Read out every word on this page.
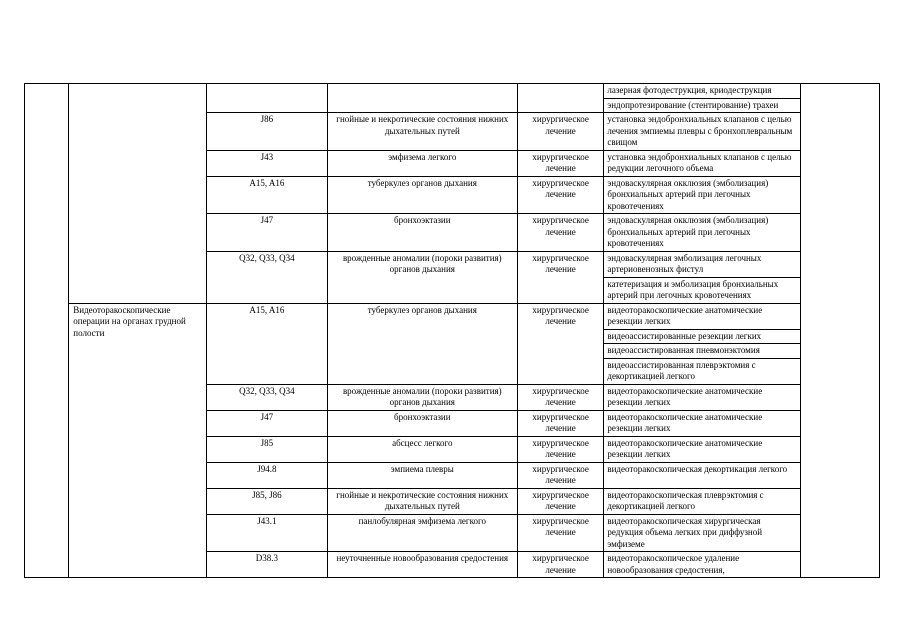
					лазерная фотодеструкция, криодеструкция
эндопротезирование (стентирование) трахеи	

		J86	гнойные и некротические состояния нижних дыхательных путей	хирургическое лечение	установка эндобронхиальных клапанов с целью лечения эмпиемы плевры с бронхоплевральным свищом	

		J43	эмфизема легкого	хирургическое лечение	установка эндобронхиальных клапанов с целью редукции легочного объема	

		A15, A16	туберкулез органов дыхания	хирургическое лечение	эндоваскулярная окклюзия (эмболизация) бронхиальных артерий при легочных кровотечениях	

		J47	бронхоэктазии	хирургическое лечение	эндоваскулярная окклюзия (эмболизация) бронхиальных артерий при легочных кровотечениях	

		Q32, Q33, Q34	врожденные аномалии (пороки развития) органов дыхания	хирургическое лечение	эндоваскулярная эмболизация легочных артериовенозных фистул
катетеризация и эмболизация бронхиальных артерий при легочных кровотечениях	

	Видеоторакоскопические операции на органах грудной полости	A15, A16	туберкулез органов дыхания	хирургическое лечение	видеоторакоскопические анатомические резекции легких
видеоассистированные резекции легких
видеоассистированная пневмонэктомия
видеоассистированная плеврэктомия с декортикацией легкого	

		Q32, Q33, Q34	врожденные аномалии (пороки развития) органов дыхания	хирургическое лечение	видеоторакоскопические анатомические резекции легких	

		J47	бронхоэктазии	хирургическое лечение	видеоторакоскопические анатомические резекции легких	

		J85	абсцесс легкого	хирургическое лечение	видеоторакоскопические анатомические резекции легких	

		J94.8	эмпиема плевры	хирургическое лечение	видеоторакоскопическая декортикация легкого	

		J85, J86	гнойные и некротические состояния нижних дыхательных путей	хирургическое лечение	видеоторакоскопическая плеврэктомия с декортикацией легкого	

		J43.1	панлобулярная эмфизема легкого	хирургическое лечение	видеоторакоскопическая хирургическая редукция объема легких при диффузной эмфиземе	

		D38.3	неуточненные новообразования средостения	хирургическое лечение	видеоторакоскопическое удаление новообразования средостения,	
